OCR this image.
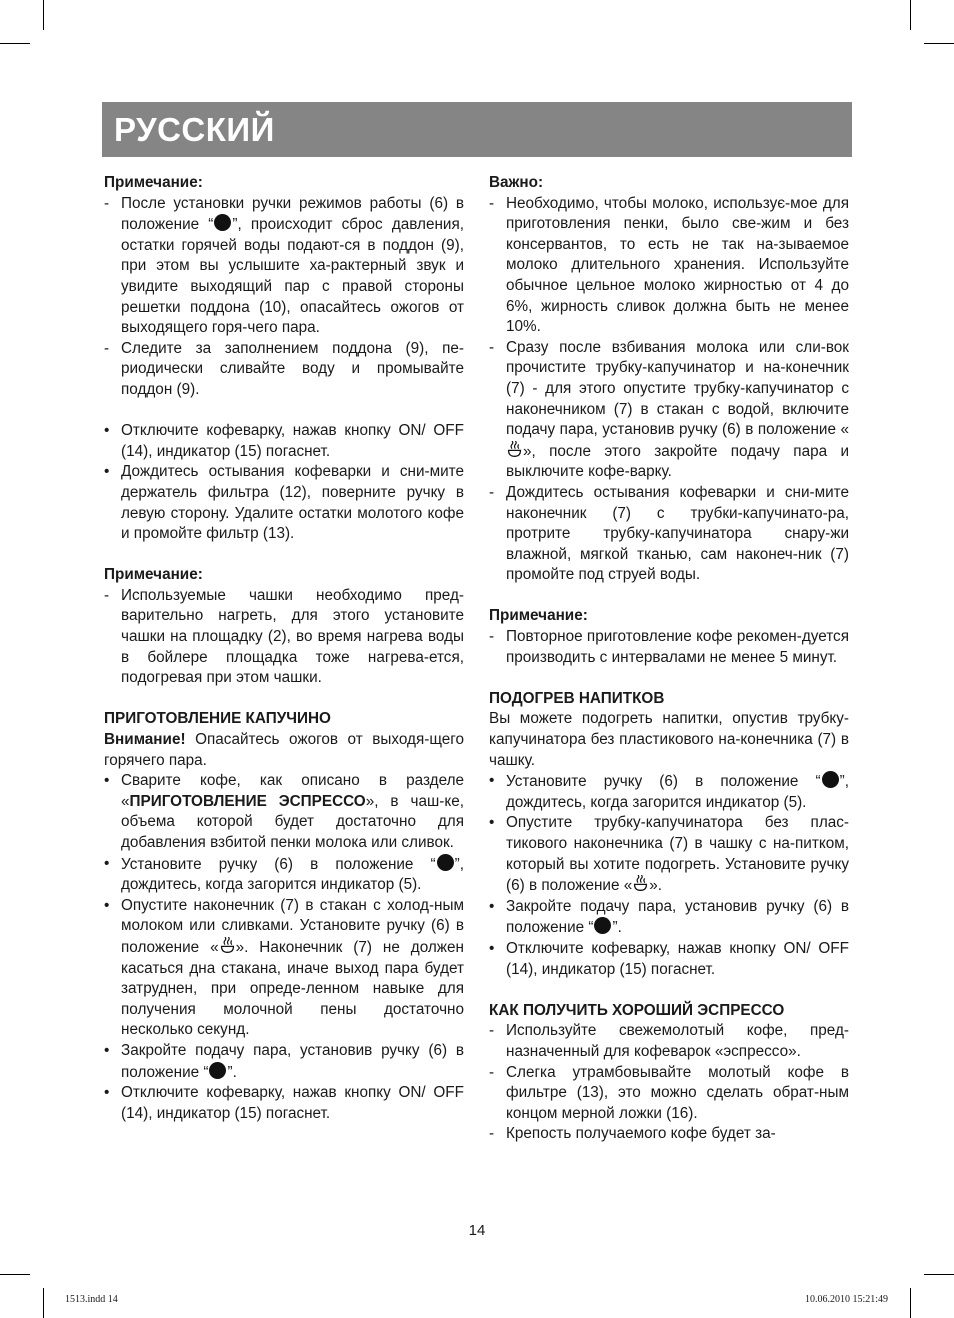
РУССКИЙ
Примечание:
- После установки ручки режимов работы (6) в положение “ ”, происходит сброс давления, остатки горячей воды подают-ся в поддон (9), при этом вы услышите ха-рактерный звук и увидите выходящий пар с правой стороны решетки поддона (10), опасайтесь ожогов от выходящего горя-чего пара.
- Следите за заполнением поддона (9), пе-риодически сливайте воду и промывайте поддон (9).
• Отключите кофеварку, нажав кнопку ON/ OFF (14), индикатор (15) погаснет.
• Дождитесь остывания кофеварки и сни-мите держатель фильтра (12), поверните ручку в левую сторону. Удалите остатки молотого кофе и промойте фильтр (13).
Примечание:
- Используемые чашки необходимо пред-варительно нагреть, для этого установите чашки на площадку (2), во время нагрева воды в бойлере площадка тоже нагрева-ется, подогревая при этом чашки.
ПРИГОТОВЛЕНИЕ КАПУЧИНО
Внимание! Опасайтесь ожогов от выходя-щего горячего пара.
• Сварите кофе, как описано в разделе «ПРИГОТОВЛЕНИЕ ЭСПРЕССО», в чаш-ке, объема которой будет достаточно для добавления взбитой пенки молока или сливок.
• Установите ручку (6) в положение “ ”, дождитесь, когда загорится индикатор (5).
• Опустите наконечник (7) в стакан с холод-ным молоком или сливками. Установите ручку (6) в положение « ». Наконечник (7) не должен касаться дна стакана, иначе выход пара будет затруднен, при опреде-ленном навыке для получения молочной пены достаточно несколько секунд.
• Закройте подачу пара, установив ручку (6) в положение “ ”.
• Отключите кофеварку, нажав кнопку ON/ OFF (14), индикатор (15) погаснет.
Важно:
- Необходимо, чтобы молоко, использує-мое для приготовления пенки, было све-жим и без консервантов, то есть не так на-зываемое молоко длительного хранения. Используйте обычное цельное молоко жирностью от 4 до 6%, жирность сливок должна быть не менее 10%.
- Сразу после взбивания молока или сли-вок прочистите трубку-капучинатор и на-конечник (7) - для этого опустите трубку-капучинатор с наконечником (7) в стакан с водой, включите подачу пара, установив ручку (6) в положение «», после этого закройте подачу пара и выключите кофе-варку.
- Дождитесь остывания кофеварки и сни-мите наконечник (7) с трубки-капучинато-ра, протрите трубку-капучинатора снару-жи влажной, мягкой тканью, сам наконеч-ник (7) промойте под струей воды.
Примечание:
- Повторное приготовление кофе рекомен-дуется производить с интервалами не менее 5 минут.
ПОДОГРЕВ НАПИТКОВ
Вы можете подогреть напитки, опустив трубку-капучинатора без пластикового на-конечника (7) в чашку.
• Установите ручку (6) в положение “ ”, дождитесь, когда загорится индикатор (5).
• Опустите трубку-капучинатора без плас-тикового наконечника (7) в чашку с на-питком, который вы хотите подогреть. Установите ручку (6) в положение « ».
• Закройте подачу пара, установив ручку (6) в положение “ ”.
• Отключите кофеварку, нажав кнопку ON/ OFF (14), индикатор (15) погаснет.
КАК ПОЛУЧИТЬ ХОРОШИЙ ЭСПРЕССО
- Используйте свежемолотый кофе, пред-назначенный для кофеварок «эспрессо».
- Слегка утрамбовывайте молотый кофе в фильтре (13), это можно сделать обрат-ным концом мерной ложки (16).
- Крепость получаемого кофе будет за-
14
1513.indd 14	10.06.2010 15:21:49
